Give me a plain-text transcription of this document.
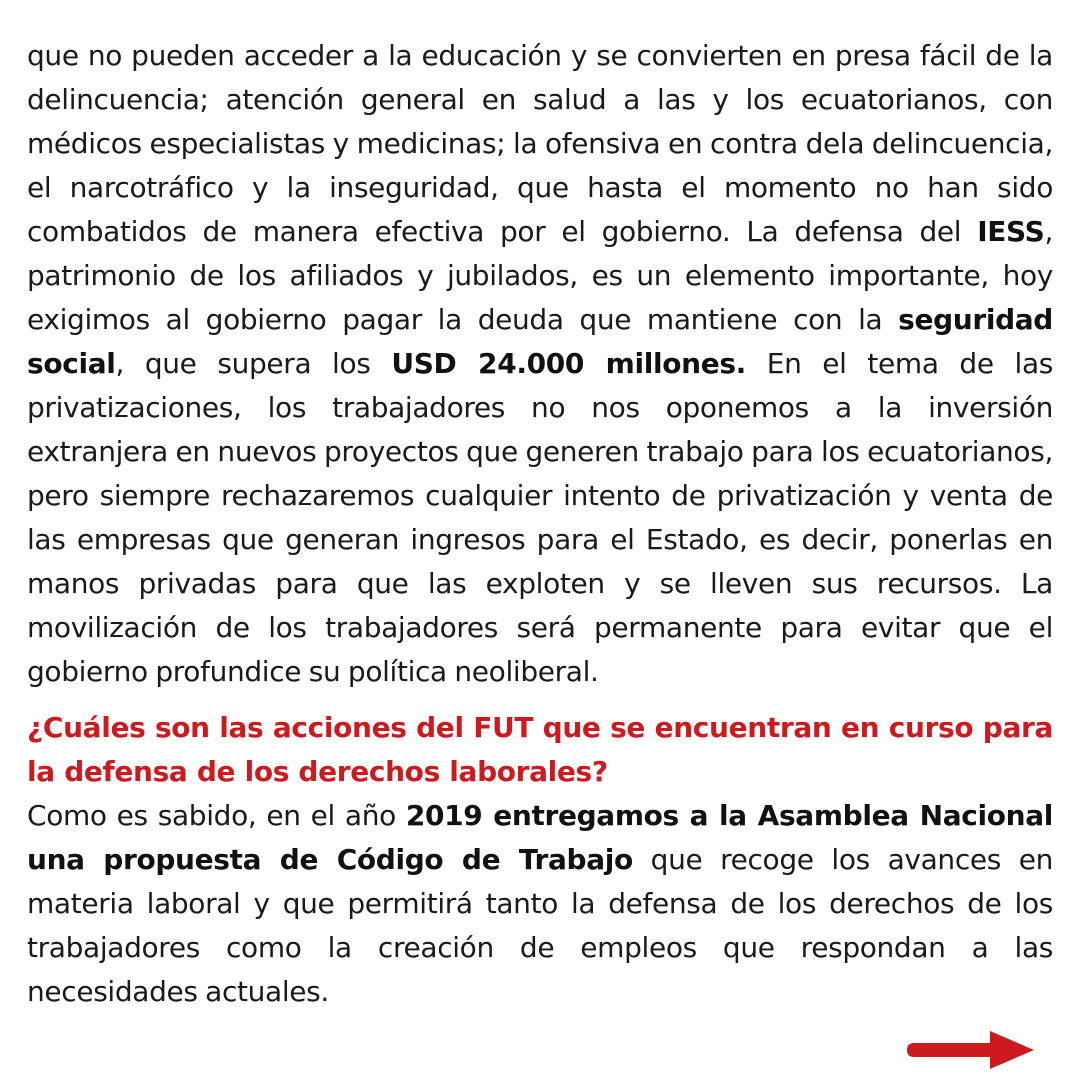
que no pueden acceder a la educación y se convierten en presa fácil de la delincuencia; atención general en salud a las y los ecuatorianos, con médicos especialistas y medicinas; la ofensiva en contra dela delincuencia, el narcotráfico y la inseguridad, que hasta el momento no han sido combatidos de manera efectiva por el gobierno. La defensa del IESS, patrimonio de los afiliados y jubilados, es un elemento importante, hoy exigimos al gobierno pagar la deuda que mantiene con la seguridad social, que supera los USD 24.000 millones. En el tema de las privatizaciones, los trabajadores no nos oponemos a la inversión extranjera en nuevos proyectos que generen trabajo para los ecuatorianos, pero siempre rechazaremos cualquier intento de privatización y venta de las empresas que generan ingresos para el Estado, es decir, ponerlas en manos privadas para que las exploten y se lleven sus recursos. La movilización de los trabajadores será permanente para evitar que el gobierno profundice su política neoliberal.

¿Cuáles son las acciones del FUT que se encuentran en curso para la defensa de los derechos laborales?

Como es sabido, en el año 2019 entregamos a la Asamblea Nacional una propuesta de Código de Trabajo que recoge los avances en materia laboral y que permitirá tanto la defensa de los derechos de los trabajadores como la creación de empleos que respondan a las necesidades actuales.
